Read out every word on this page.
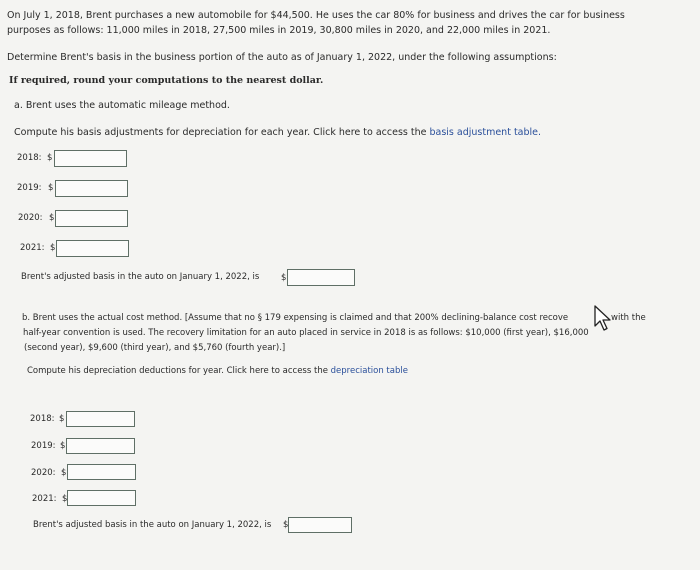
On July 1, 2018, Brent purchases a new automobile for $44,500. He uses the car 80% for business and drives the car for business
purposes as follows: 11,000 miles in 2018, 27,500 miles in 2019, 30,800 miles in 2020, and 22,000 miles in 2021.
Determine Brent's basis in the business portion of the auto as of January 1, 2022, under the following assumptions:
If required, round your computations to the nearest dollar.
a. Brent uses the automatic mileage method.
Compute his basis adjustments for depreciation for each year. Click here to access the basis adjustment table.
2018: $
2019: $
2020: $
2021: $
Brent's adjusted basis in the auto on January 1, 2022, is	$
b. Brent uses the actual cost method. [Assume that no § 179 expensing is claimed and that 200% declining-balance cost recove	with the
half-year convention is used. The recovery limitation for an auto placed in service in 2018 is as follows: $10,000 (first year), $16,000
(second year), $9,600 (third year), and $5,760 (fourth year).]
Compute his depreciation deductions for year. Click here to access the depreciation table
2018: $
2019: $
2020: $
2021: $
Brent's adjusted basis in the auto on January 1, 2022, is $
